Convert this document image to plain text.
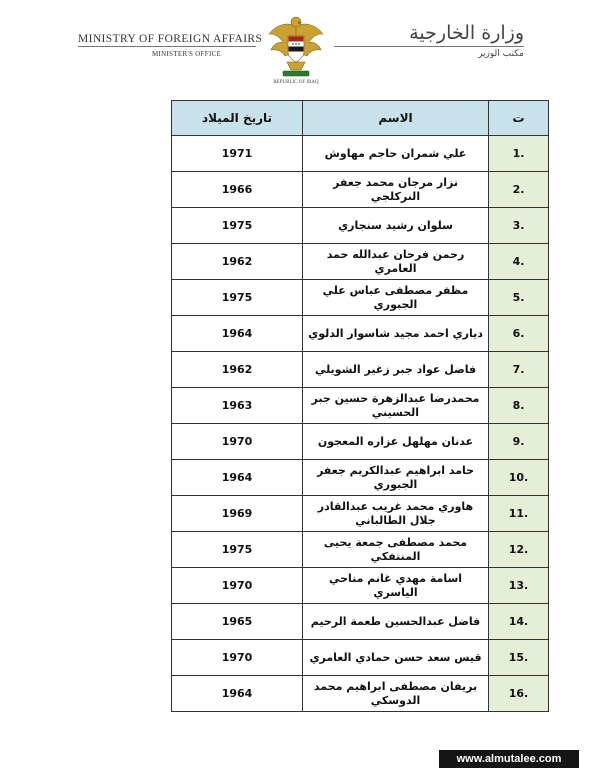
MINISTRY OF FOREIGN AFFAIRS
MINISTER'S OFFICE
REPUBLIC OF IRAQ
وزارة الخارجية
مكتب الوزير
تاريخ الميلاد	الاسم	ت
1971	علي شمران حاجم مهاوش	1.
1966	نزار مرجان محمد جعفر النركلجي	2.
1975	سلوان رشيد سنجاري	3.
1962	رحمن فرحان عبدالله حمد العامري	4.
1975	مظفر مصطفى عباس علي الجبوري	5.
1964	دياري احمد مجيد شاسوار الدلوي	6.
1962	فاضل عواد جبر زغير الشويلي	7.
1963	محمدرضا عبدالزهرة حسين جبر الحسيني	8.
1970	عدنان مهلهل عزاره المعجون	9.
1964	حامد ابراهيم عبدالكريم جعفر الجبوري	10.
1969	هاوري محمد غريب عبدالقادر جلال الطالباني	11.
1975	محمد مصطفى جمعة يحيى المنتفكي	12.
1970	اسامة مهدي غانم مناحي الياسري	13.
1965	فاضل عبدالحسين طعمة الرحيم	14.
1970	قيس سعد حسن حمادي العامري	15.
1964	بريفان مصطفى ابراهيم محمد الدوسكي	16.
www.almutalee.com
